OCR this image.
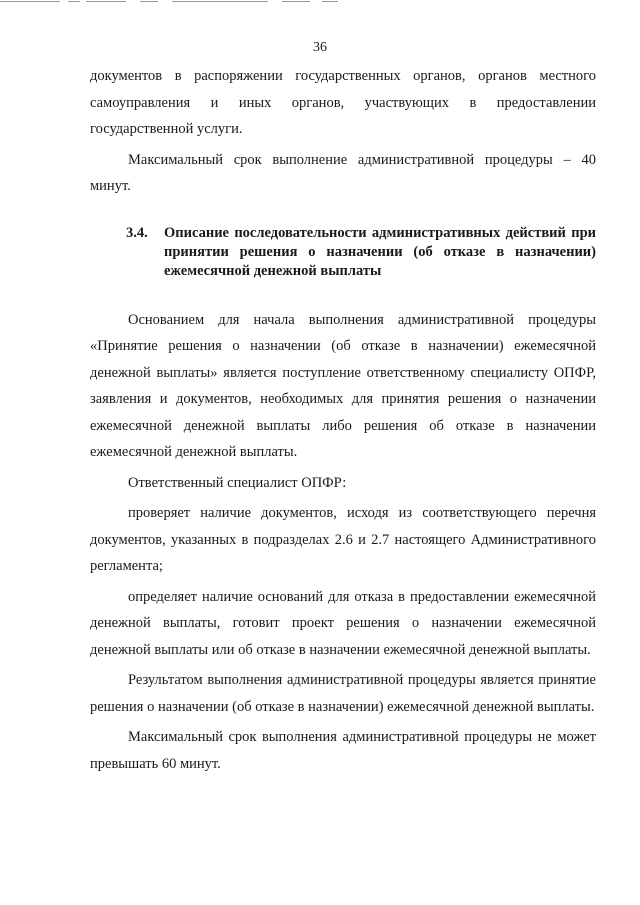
36

документов в распоряжении государственных органов, органов местного самоуправления и иных органов, участвующих в предоставлении государственной услуги.

Максимальный срок выполнение административной процедуры – 40 минут.

3.4.	Описание последовательности административных действий при принятии решения о назначении (об отказе в назначении) ежемесячной денежной выплаты

Основанием для начала выполнения административной процедуры «Принятие решения о назначении (об отказе в назначении) ежемесячной денежной выплаты» является поступление ответственному специалисту ОПФР, заявления и документов, необходимых для принятия решения о назначении ежемесячной денежной выплаты либо решения об отказе в назначении ежемесячной денежной выплаты.

Ответственный специалист ОПФР:

проверяет наличие документов, исходя из соответствующего перечня документов, указанных в подразделах 2.6 и 2.7 настоящего Административного регламента;

определяет наличие оснований для отказа в предоставлении ежемесячной денежной выплаты, готовит проект решения о назначении ежемесячной денежной выплаты или об отказе в назначении ежемесячной денежной выплаты.

Результатом выполнения административной процедуры является принятие решения о назначении (об отказе в назначении) ежемесячной денежной выплаты.

Максимальный срок выполнения административной процедуры не может превышать 60 минут.
